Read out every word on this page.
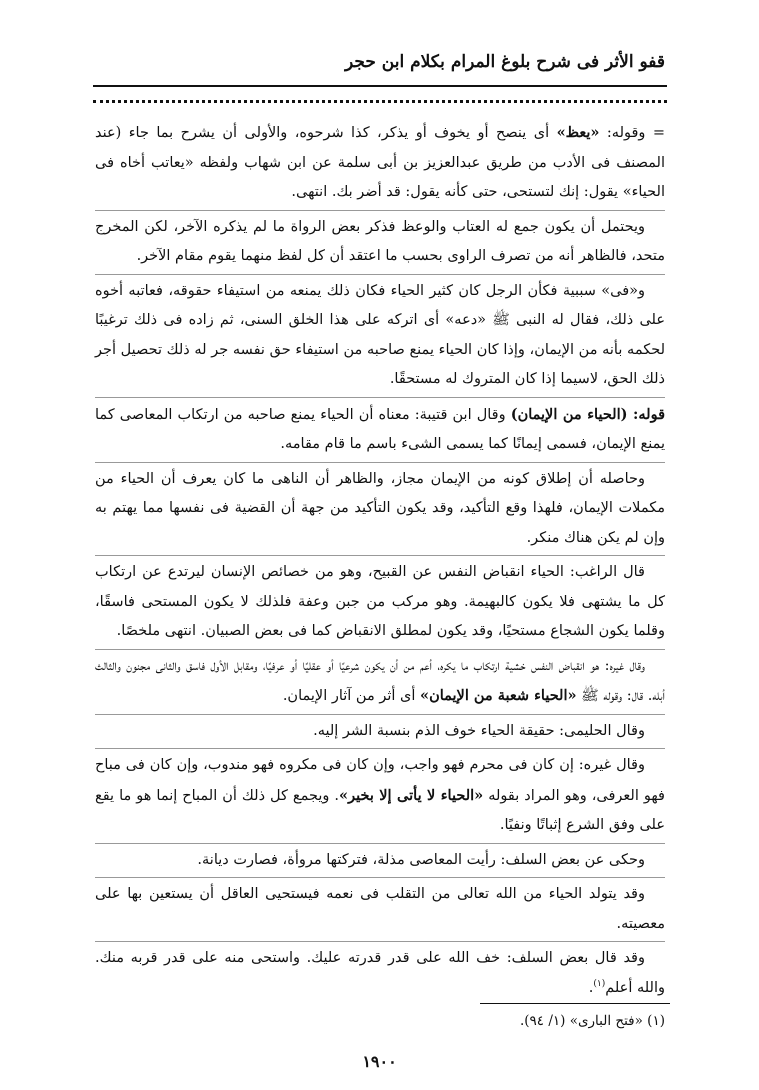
قفو الأثر فى شرح بلوغ المرام بكلام ابن حجر

= وقوله: «يعظ» أى ينصح أو يخوف أو يذكر، كذا شرحوه، والأولى أن يشرح بما جاء (عند المصنف فى الأدب من طريق عبدالعزيز بن أبى سلمة عن ابن شهاب ولفظه «يعاتب أخاه فى الحياء» يقول: إنك لتستحى، حتى كأنه يقول: قد أضر بك. انتهى.

ويحتمل أن يكون جمع له العتاب والوعظ فذكر بعض الرواة ما لم يذكره الآخر، لكن المخرج متحد، فالظاهر أنه من تصرف الراوى بحسب ما اعتقد أن كل لفظ منهما يقوم مقام الآخر.

و«فى» سببية فكأن الرجل كان كثير الحياء فكان ذلك يمنعه من استيفاء حقوقه، فعاتبه أخوه على ذلك، فقال له النبى ﷺ «دعه» أى اتركه على هذا الخلق السنى، ثم زاده فى ذلك ترغيبًا لحكمه بأنه من الإيمان، وإذا كان الحياء يمنع صاحبه من استيفاء حق نفسه جر له ذلك تحصيل أجر ذلك الحق، لاسيما إذا كان المتروك له مستحقًا.

قوله: (الحياء من الإيمان) وقال ابن قتيبة: معناه أن الحياء يمنع صاحبه من ارتكاب المعاصى كما يمنع الإيمان، فسمى إيمانًا كما يسمى الشىء باسم ما قام مقامه.

وحاصله أن إطلاق كونه من الإيمان مجاز، والظاهر أن الناهى ما كان يعرف أن الحياء من مكملات الإيمان، فلهذا وقع التأكيد، وقد يكون التأكيد من جهة أن القضية فى نفسها مما يهتم به وإن لم يكن هناك منكر.

قال الراغب: الحياء انقباض النفس عن القبيح، وهو من خصائص الإنسان ليرتدع عن ارتكاب كل ما يشتهى فلا يكون كالبهيمة. وهو مركب من جبن وعفة فلذلك لا يكون المستحى فاسقًا، وقلما يكون الشجاع مستحيًا، وقد يكون لمطلق الانقباض كما فى بعض الصبيان. انتهى ملخصًا.

وقال غيره: هو انقباض النفس خشية ارتكاب ما يكره، أعم من أن يكون شرعيًا أو عقليًا أو عرفيًا، ومقابل الأول فاسق والثانى مجنون والثالث أبله. قال: وقوله ﷺ «الحياء شعبة من الإيمان» أى أثر من آثار الإيمان.

وقال الحليمى: حقيقة الحياء خوف الذم بنسبة الشر إليه.

وقال غيره: إن كان فى محرم فهو واجب، وإن كان فى مكروه فهو مندوب، وإن كان فى مباح فهو العرفى، وهو المراد بقوله «الحياء لا يأتى إلا بخير». ويجمع كل ذلك أن المباح إنما هو ما يقع على وفق الشرع إثباتًا ونفيًا.

وحكى عن بعض السلف: رأيت المعاصى مذلة، فتركتها مروأة، فصارت ديانة.

وقد يتولد الحياء من الله تعالى من التقلب فى نعمه فيستحيى العاقل أن يستعين بها على معصيته.

وقد قال بعض السلف: خف الله على قدر قدرته عليك. واستحى منه على قدر قربه منك. والله أعلم$^{(١)}$.

(١) «فتح البارى» (١/ ٩٤).
١٩٠٠
